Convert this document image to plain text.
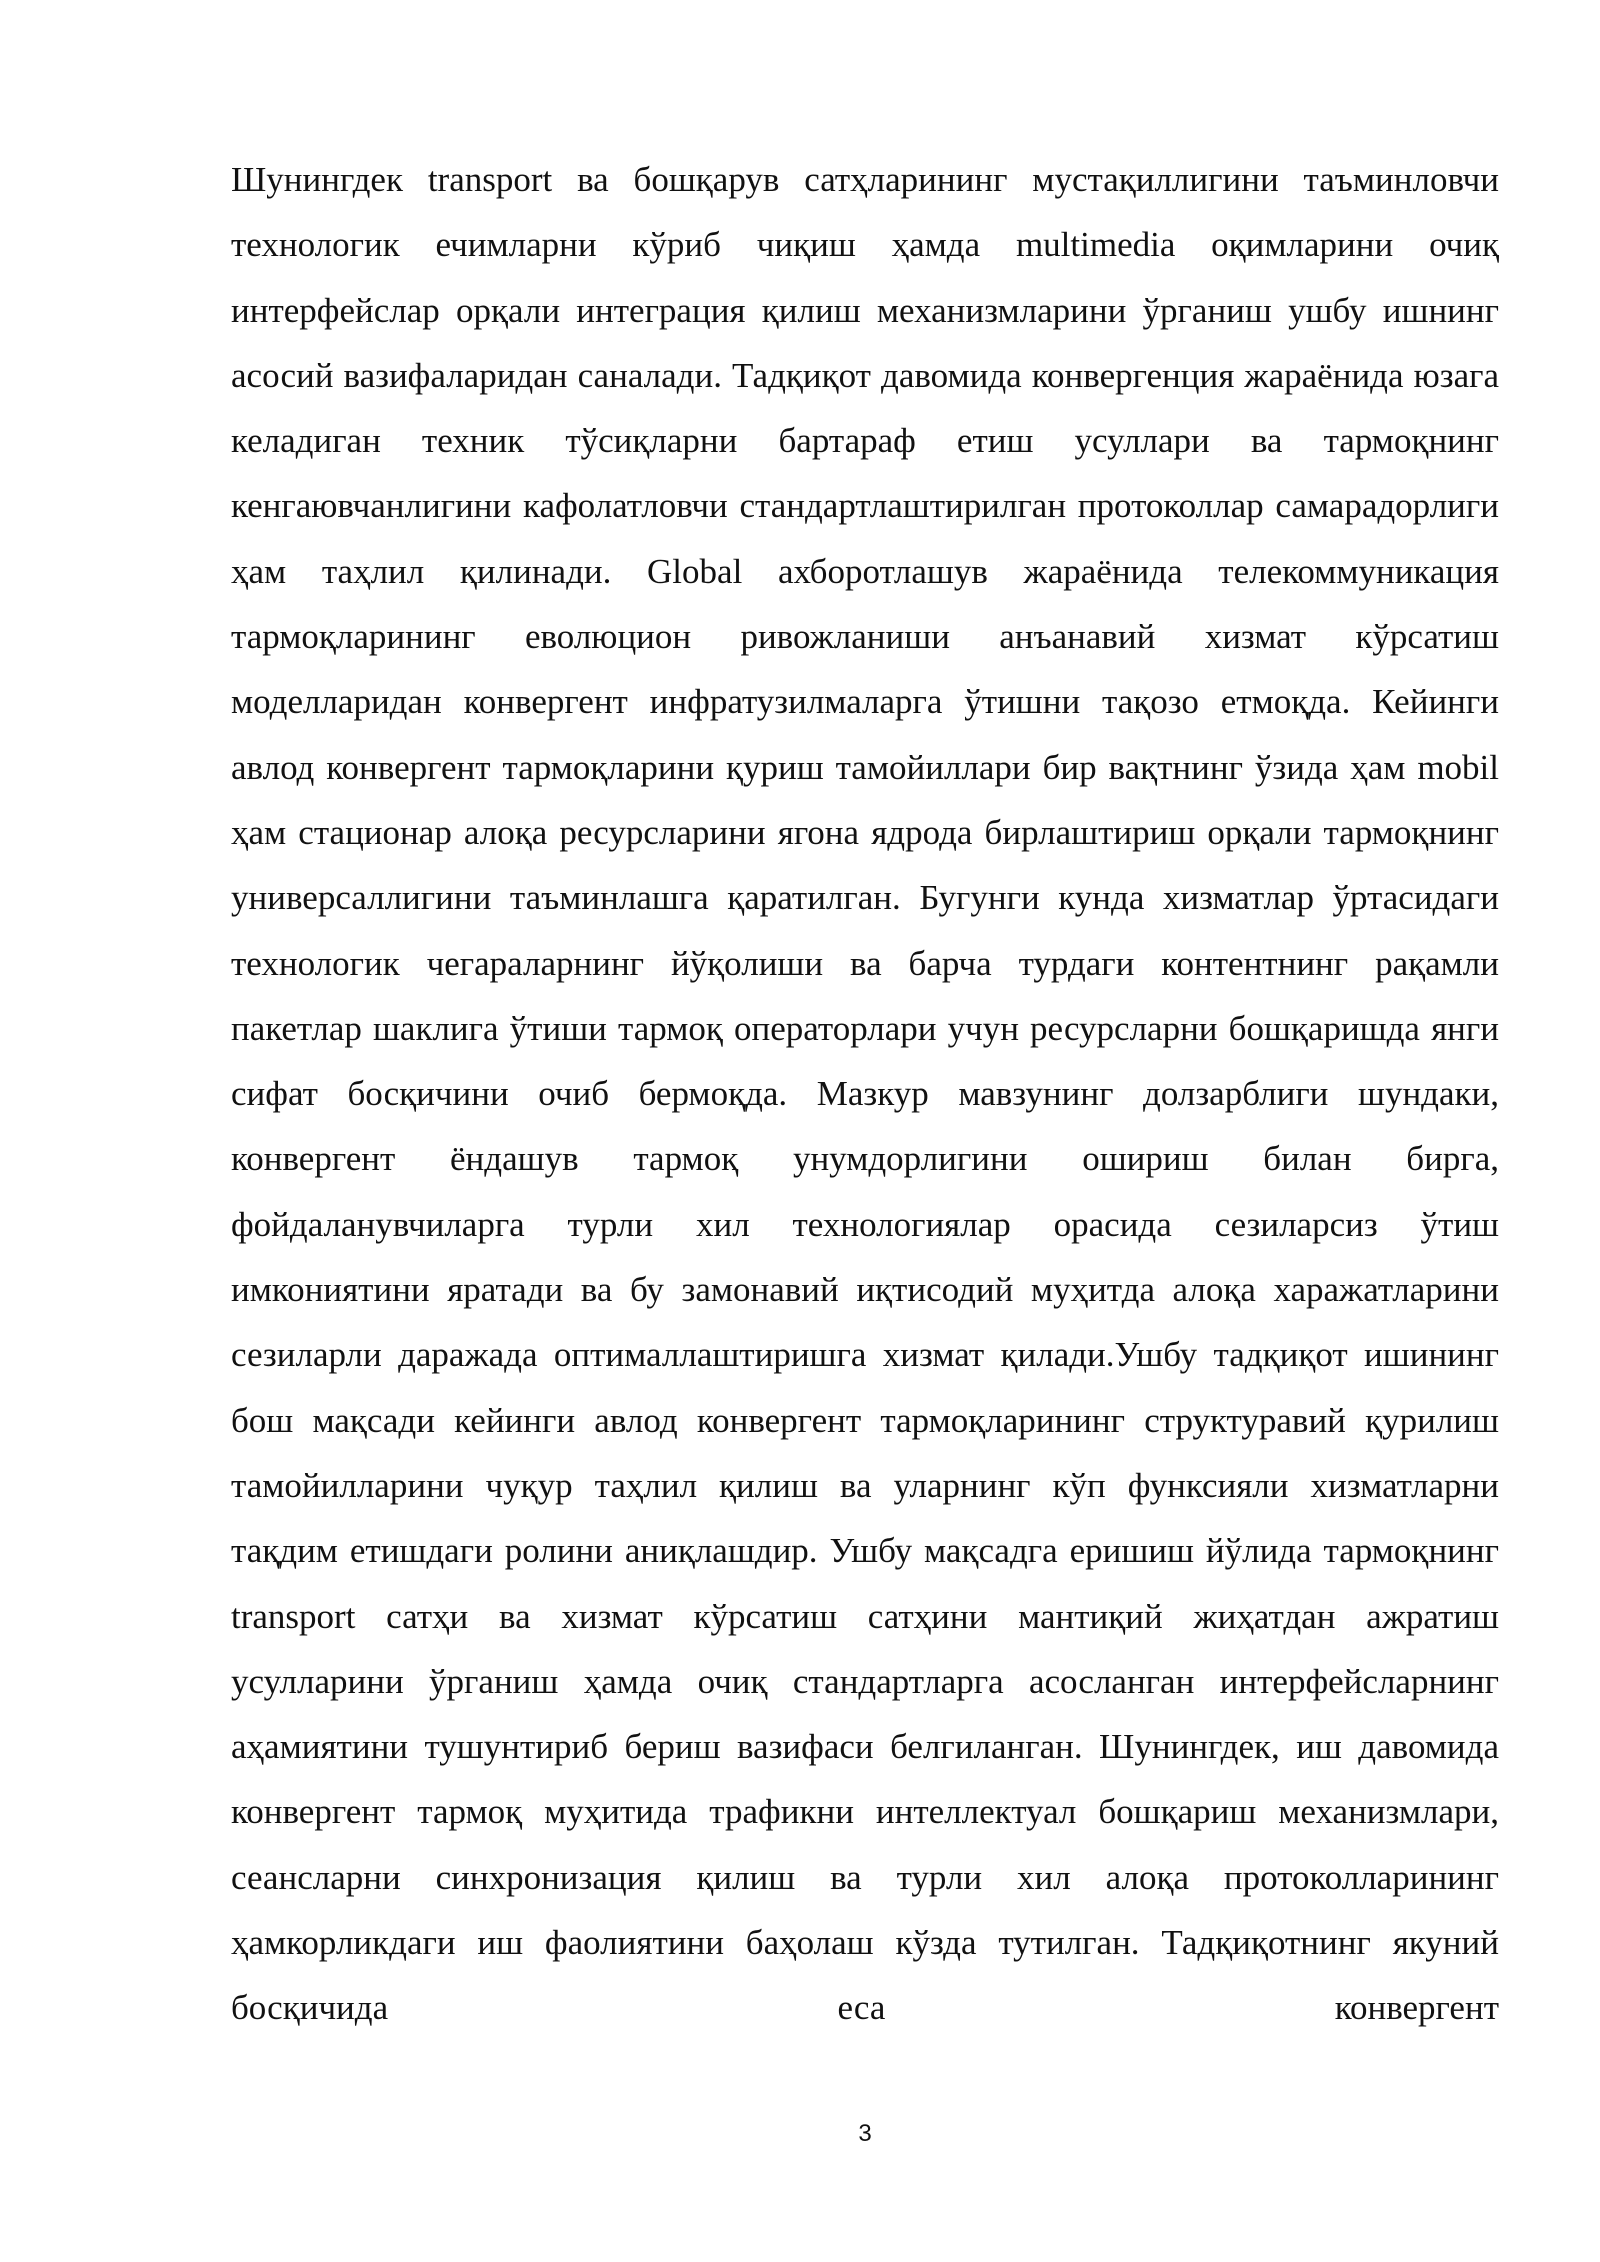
Шунингдек transport ва бошқарув сатҳларининг мустақиллигини таъминловчи технологик ечимларни кўриб чиқиш ҳамда multimedia оқимларини очиқ интерфейслар орқали интеграция қилиш механизмларини ўрганиш ушбу ишнинг асосий вазифаларидан саналади. Тадқиқот давомида конвергенция жараёнида юзага келадиган техник тўсиқларни бартараф етиш усуллари ва тармоқнинг кенгаювчанлигини кафолатловчи стандартлаштирилган протоколлар самарадорлиги ҳам таҳлил қилинади. Global ахборотлашув жараёнида телекоммуникация тармоқларининг еволюцион ривожланиши анъанавий хизмат кўрсатиш моделларидан конвергент инфратузилмаларга ўтишни тақозо етмоқда. Кейинги авлод конвергент тармоқларини қуриш тамойиллари бир вақтнинг ўзида ҳам mobil ҳам стационар алоқа ресурсларини ягона ядрода бирлаштириш орқали тармоқнинг универсаллигини таъминлашга қаратилган. Бугунги кунда хизматлар ўртасидаги технологик чегараларнинг йўқолиши ва барча турдаги контентнинг рақамли пакетлар шаклига ўтиши тармоқ операторлари учун ресурсларни бошқаришда янги сифат босқичини очиб бермоқда. Мазкур мавзунинг долзарблиги шундаки, конвергент ёндашув тармоқ унумдорлигини ошириш билан бирга, фойдаланувчиларга турли хил технологиялар орасида сезиларсиз ўтиш имкониятини яратади ва бу замонавий иқтисодий муҳитда алоқа харажатларини сезиларли даражада оптималлаштиришга хизмат қилади.Ушбу тадқиқот ишининг бош мақсади кейинги авлод конвергент тармоқларининг структуравий қурилиш тамойилларини чуқур таҳлил қилиш ва уларнинг кўп функсияли хизматларни тақдим етишдаги ролини аниқлашдир. Ушбу мақсадга еришиш йўлида тармоқнинг transport сатҳи ва хизмат кўрсатиш сатҳини мантиқий жиҳатдан ажратиш усулларини ўрганиш ҳамда очиқ стандартларга асосланган интерфейсларнинг аҳамиятини тушунтириб бериш вазифаси белгиланган. Шунингдек, иш давомида конвергент тармоқ муҳитида трафикни интеллектуал бошқариш механизмлари, сеансларни синхронизация қилиш ва турли хил алоқа протоколларининг ҳамкорликдаги иш фаолиятини баҳолаш кўзда тутилган. Тадқиқотнинг якуний босқичида еса конвергент

3
